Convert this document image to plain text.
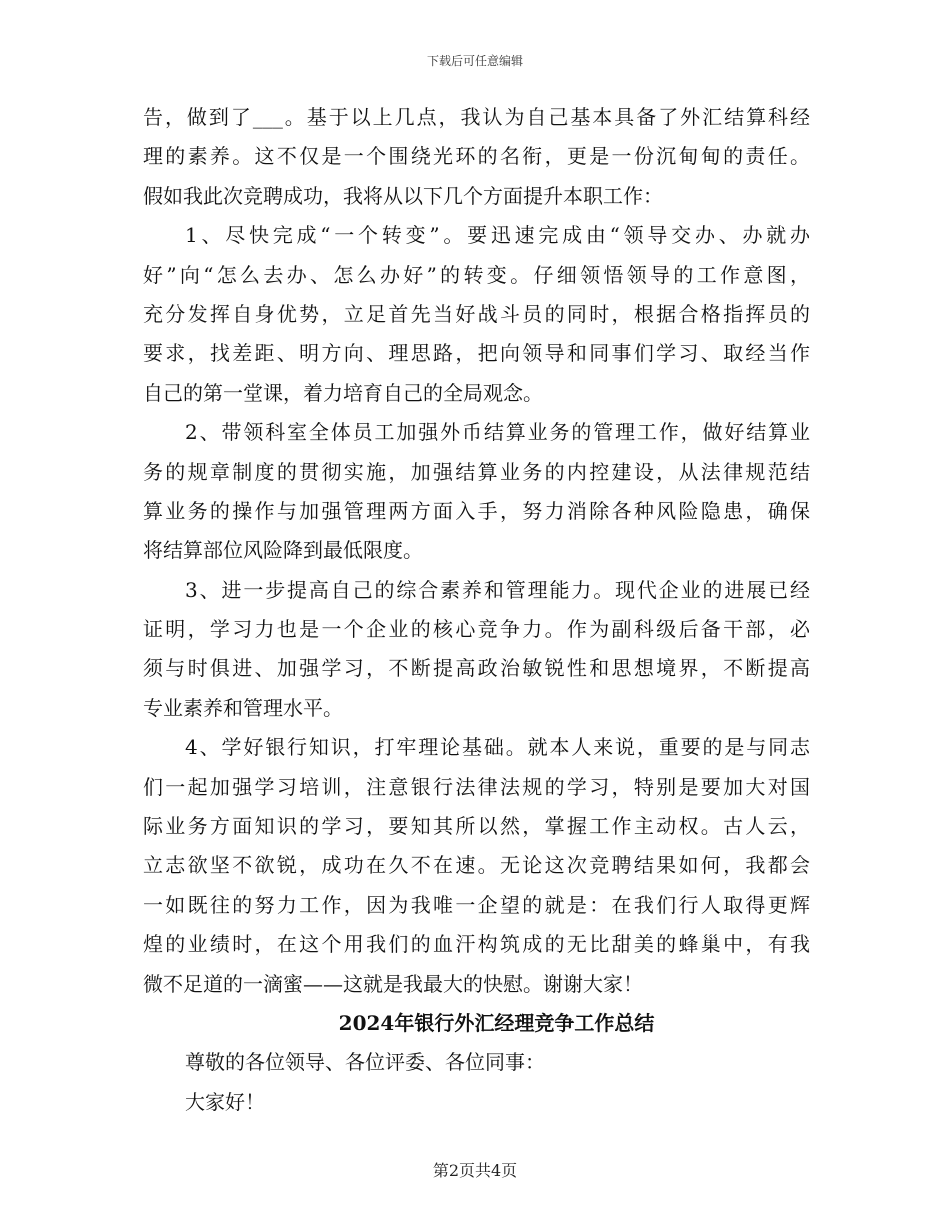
下载后可任意编辑
告，做到了___。基于以上几点，我认为自己基本具备了外汇结算科经
理的素养。这不仅是一个围绕光环的名衔，更是一份沉甸甸的责任。
假如我此次竞聘成功，我将从以下几个方面提升本职工作：
1、尽快完成“一个转变”。要迅速完成由“领导交办、办就办
好”向“怎么去办、怎么办好”的转变。仔细领悟领导的工作意图，
充分发挥自身优势，立足首先当好战斗员的同时，根据合格指挥员的
要求，找差距、明方向、理思路，把向领导和同事们学习、取经当作
自己的第一堂课，着力培育自己的全局观念。
2、带领科室全体员工加强外币结算业务的管理工作，做好结算业
务的规章制度的贯彻实施，加强结算业务的内控建设，从法律规范结
算业务的操作与加强管理两方面入手，努力消除各种风险隐患，确保
将结算部位风险降到最低限度。
3、进一步提高自己的综合素养和管理能力。现代企业的进展已经
证明，学习力也是一个企业的核心竞争力。作为副科级后备干部，必
须与时俱进、加强学习，不断提高政治敏锐性和思想境界，不断提高
专业素养和管理水平。
4、学好银行知识，打牢理论基础。就本人来说，重要的是与同志
们一起加强学习培训，注意银行法律法规的学习，特别是要加大对国
际业务方面知识的学习，要知其所以然，掌握工作主动权。古人云，
立志欲坚不欲锐，成功在久不在速。无论这次竞聘结果如何，我都会
一如既往的努力工作，因为我唯一企望的就是：在我们行人取得更辉
煌的业绩时，在这个用我们的血汗构筑成的无比甜美的蜂巢中，有我
微不足道的一滴蜜——这就是我最大的快慰。谢谢大家！
2024年银行外汇经理竞争工作总结
尊敬的各位领导、各位评委、各位同事：
大家好！
第2页共4页
